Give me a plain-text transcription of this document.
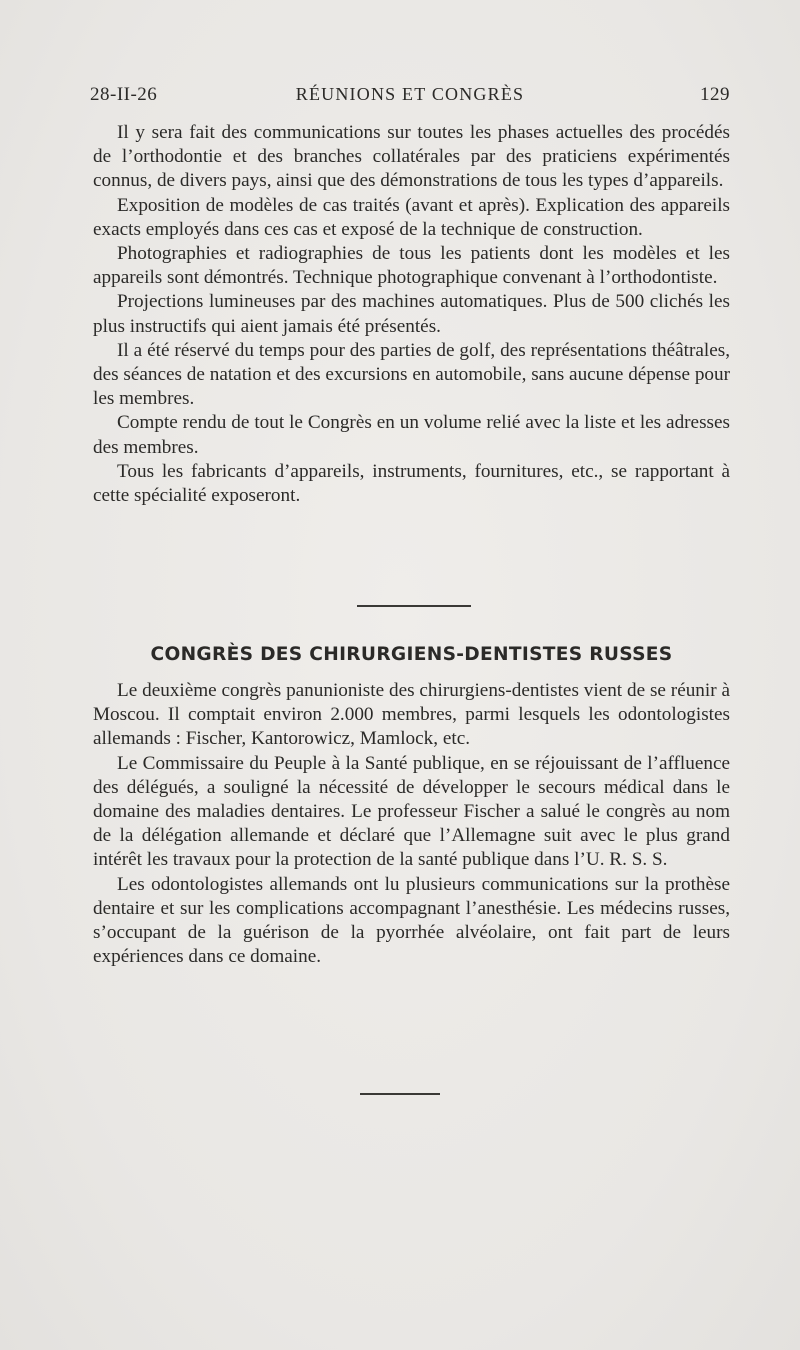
28-II-26	RÉUNIONS ET CONGRÈS	129

Il y sera fait des communications sur toutes les phases actuelles des procédés de l’orthodontie et des branches collatérales par des praticiens expérimentés connus, de divers pays, ainsi que des démonstrations de tous les types d’appareils.

Exposition de modèles de cas traités (avant et après). Explication des appareils exacts employés dans ces cas et exposé de la technique de construction.

Photographies et radiographies de tous les patients dont les modèles et les appareils sont démontrés. Technique photographique convenant à l’orthodontiste.

Projections lumineuses par des machines automatiques. Plus de 500 clichés les plus instructifs qui aient jamais été présentés.

Il a été réservé du temps pour des parties de golf, des représentations théâtrales, des séances de natation et des excursions en automobile, sans aucune dépense pour les membres.

Compte rendu de tout le Congrès en un volume relié avec la liste et les adresses des membres.

Tous les fabricants d’appareils, instruments, fournitures, etc., se rapportant à cette spécialité exposeront.

CONGRÈS DES CHIRURGIENS-DENTISTES RUSSES

Le deuxième congrès panunioniste des chirurgiens-dentistes vient de se réunir à Moscou. Il comptait environ 2.000 membres, parmi lesquels les odontologistes allemands : Fischer, Kantorowicz, Mamlock, etc.

Le Commissaire du Peuple à la Santé publique, en se réjouissant de l’affluence des délégués, a souligné la nécessité de développer le secours médical dans le domaine des maladies dentaires. Le professeur Fischer a salué le congrès au nom de la délégation allemande et déclaré que l’Allemagne suit avec le plus grand intérêt les travaux pour la protection de la santé publique dans l’U. R. S. S.

Les odontologistes allemands ont lu plusieurs communications sur la prothèse dentaire et sur les complications accompagnant l’anesthésie. Les médecins russes, s’occupant de la guérison de la pyorrhée alvéolaire, ont fait part de leurs expériences dans ce domaine.
